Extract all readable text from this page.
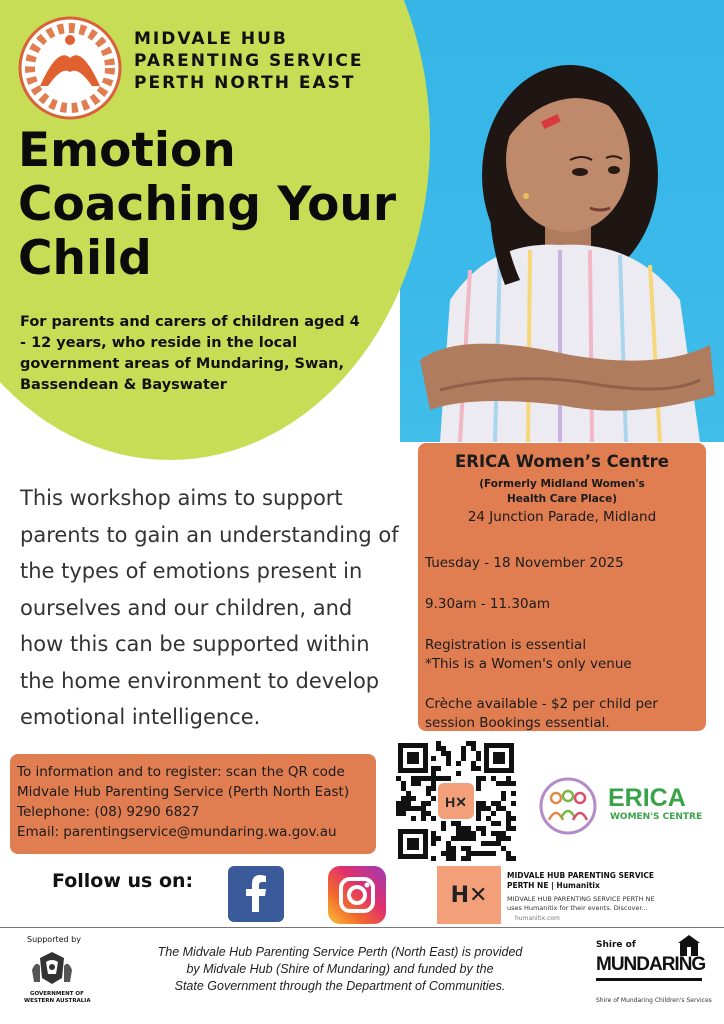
MIDVALE HUB
PARENTING SERVICE
PERTH NORTH EAST
Emotion
Coaching Your
Child
For parents and carers of children aged 4 - 12 years, who reside in the local government areas of Mundaring, Swan, Bassendean & Bayswater
This workshop aims to support parents to gain an understanding of the types of emotions present in ourselves and our children, and how this can be supported within the home environment to develop emotional intelligence.
ERICA Women’s Centre
(Formerly Midland Women's Health Care Place)
24 Junction Parade, Midland
Tuesday - 18 November 2025
9.30am - 11.30am
Registration is essential
*This is a Women's only venue
Crèche available - $2 per child per session Bookings essential.
To information and to register: scan the QR code
Midvale Hub Parenting Service (Perth North East)
Telephone: (08) 9290 6827
Email: parentingservice@mundaring.wa.gov.au
H✕	ERICA
WOMEN'S CENTRE
Follow us on:
H✕
MIDVALE HUB PARENTING SERVICE
PERTH NE | Humanitix
MIDVALE HUB PARENTING SERVICE PERTH NE
uses Humanitix for their events. Discover...
humanitix.com
Supported by
GOVERNMENT OF
WESTERN AUSTRALIA
The Midvale Hub Parenting Service Perth (North East) is provided
by Midvale Hub (Shire of Mundaring) and funded by the
State Government through the Department of Communities.
Shire of
MUNDARING
Shire of Mundaring Children's Services
